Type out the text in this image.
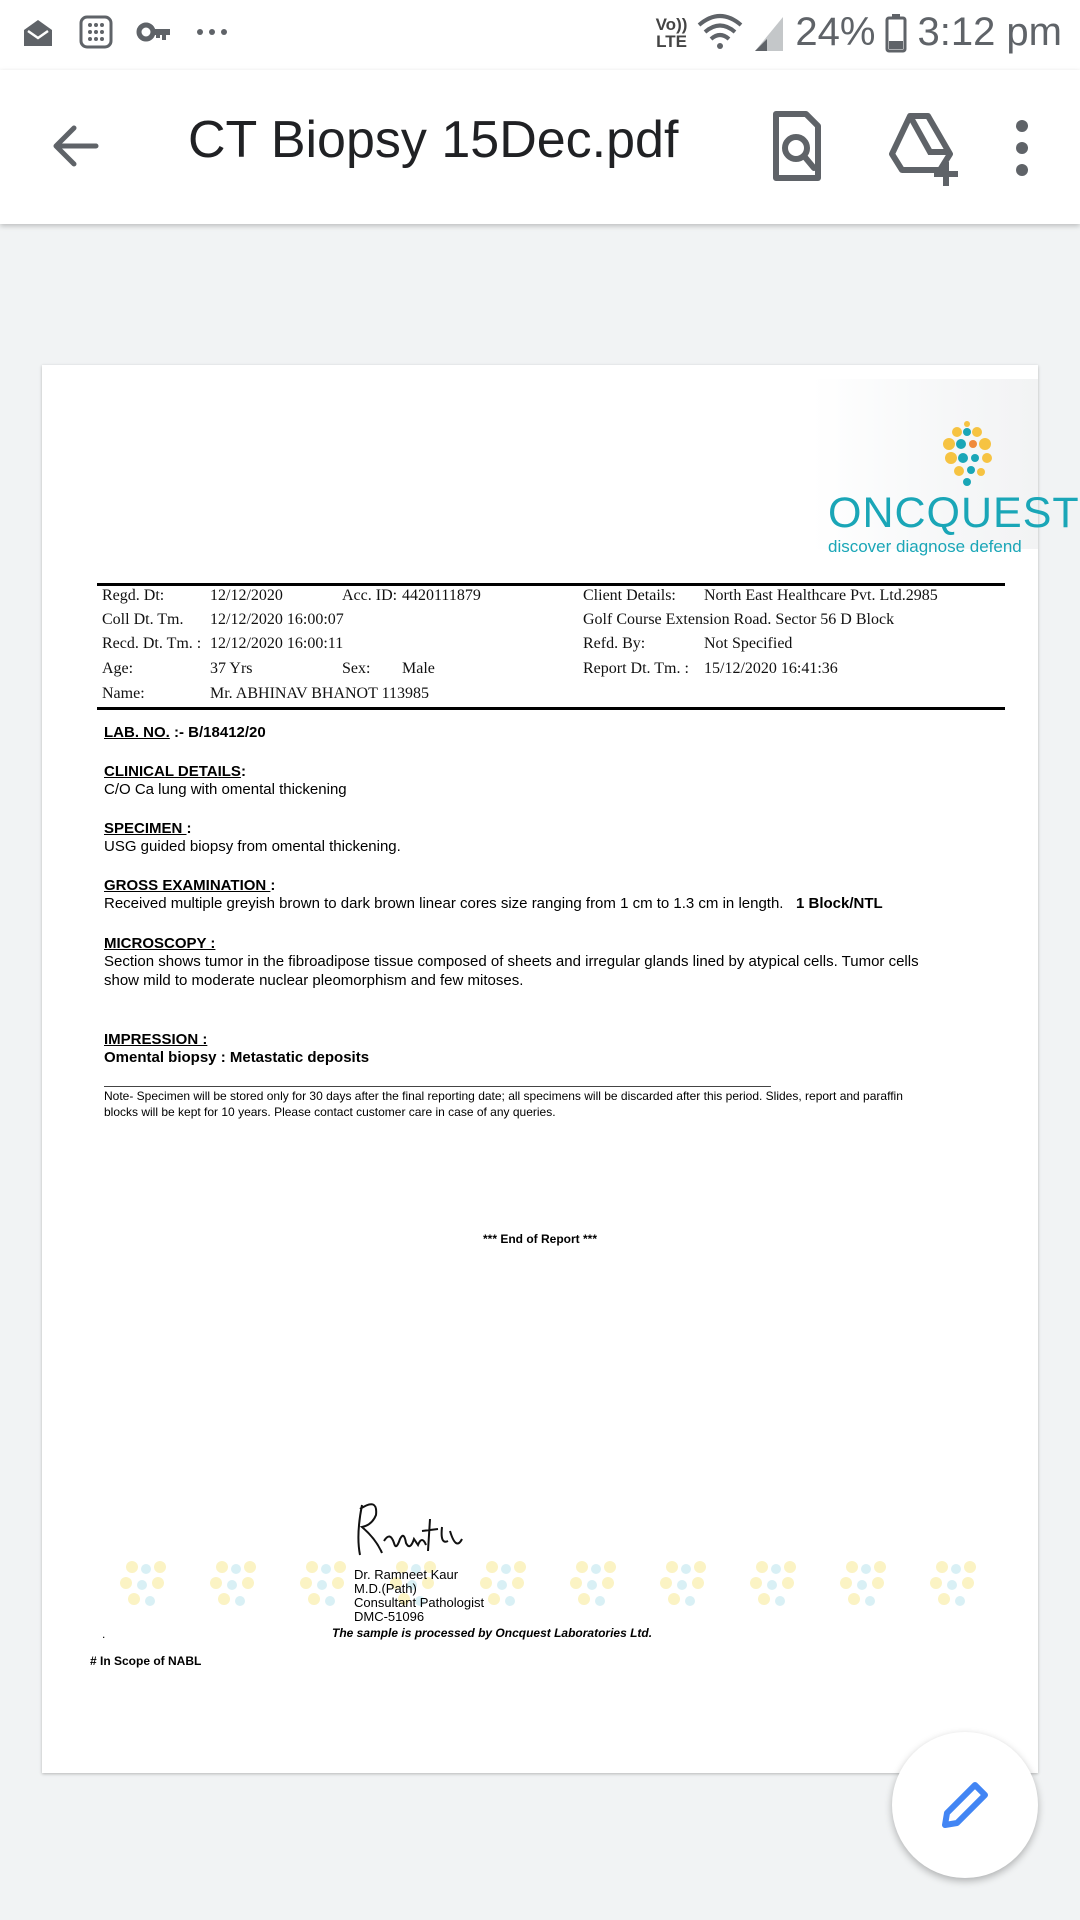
Vo))
LTE	24% 3:12 pm
CT Biopsy 15Dec.pdf
ONCQUEST
discover diagnose defend
Regd. Dt:	12/12/2020	Acc. ID: 4420111879	Client Details: North East Healthcare Pvt. Ltd.2985
Coll Dt. Tm. 12/12/2020 16:00:07	Golf Course Extension Road. Sector 56 D Block
Recd. Dt. Tm. : 12/12/2020 16:00:11	Refd. By:	Not Specified
Age:	37 Yrs	Sex: Male	Report Dt. Tm. : 15/12/2020 16:41:36
Name:	Mr. ABHINAV BHANOT 113985
LAB. NO. :- B/18412/20
CLINICAL DETAILS:
C/O Ca lung with omental thickening
SPECIMEN :
USG guided biopsy from omental thickening.
GROSS EXAMINATION :
Received multiple greyish brown to dark brown linear cores size ranging from 1 cm to 1.3 cm in length. 1 Block/NTL
MICROSCOPY :
Section shows tumor in the fibroadipose tissue composed of sheets and irregular glands lined by atypical cells. Tumor cells show mild to moderate nuclear pleomorphism and few mitoses.
IMPRESSION :
Omental biopsy : Metastatic deposits
Note- Specimen will be stored only for 30 days after the final reporting date; all specimens will be discarded after this period. Slides, report and paraffin blocks will be kept for 10 years. Please contact customer care in case of any queries.
*** End of Report ***
Dr. Ramneet Kaur
M.D.(Path)
Consultant Pathologist
DMC-51096
.	The sample is processed by Oncquest Laboratories Ltd.
# In Scope of NABL
